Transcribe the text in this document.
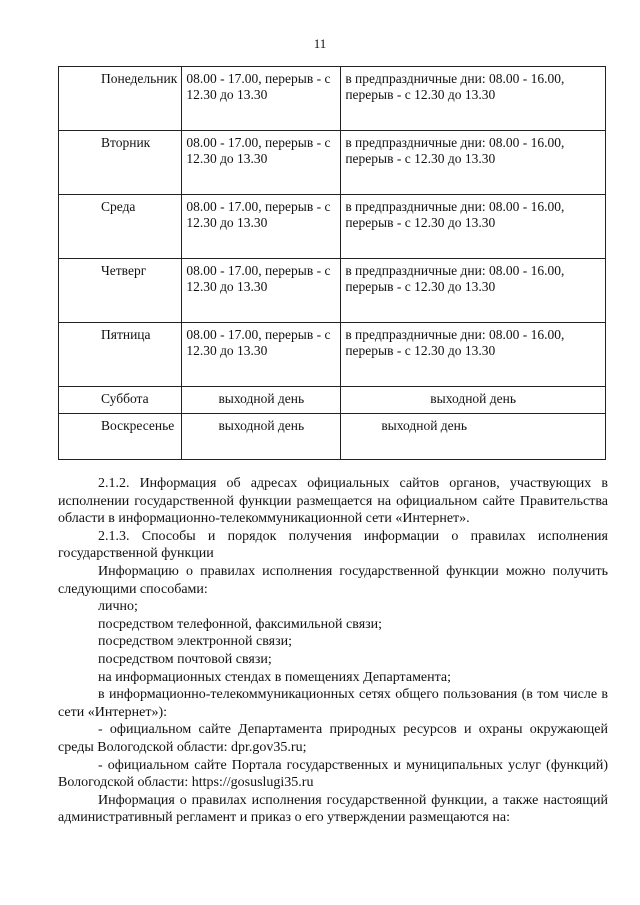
11
Понедельник	08.00 - 17.00, перерыв - с 12.30 до 13.30	в предпраздничные дни: 08.00 - 16.00, перерыв - с 12.30 до 13.30

Вторник	08.00 - 17.00, перерыв - с 12.30 до 13.30	в предпраздничные дни: 08.00 - 16.00, перерыв - с 12.30 до 13.30

Среда	08.00 - 17.00, перерыв - с 12.30 до 13.30	в предпраздничные дни: 08.00 - 16.00, перерыв - с 12.30 до 13.30

Четверг	08.00 - 17.00, перерыв - с 12.30 до 13.30	в предпраздничные дни: 08.00 - 16.00, перерыв - с 12.30 до 13.30

Пятница	08.00 - 17.00, перерыв - с 12.30 до 13.30	в предпраздничные дни: 08.00 - 16.00, перерыв - с 12.30 до 13.30

Суббота	выходной день	выходной день

Воскресенье	выходной день	выходной день

2.1.2. Информация об адресах официальных сайтов органов, участвующих в исполнении государственной функции размещается на официальном сайте Правительства области в информационно-телекоммуникационной сети «Интернет».

2.1.3. Способы и порядок получения информации о правилах исполнения государственной функции

Информацию о правилах исполнения государственной функции можно получить следующими способами:

лично;

посредством телефонной, факсимильной связи;

посредством электронной связи;

посредством почтовой связи;

на информационных стендах в помещениях Департамента;

в информационно-телекоммуникационных сетях общего пользования (в том числе в сети «Интернет»):

- официальном сайте Департамента природных ресурсов и охраны окружающей среды Вологодской области: dpr.gov35.ru;

- официальном сайте Портала государственных и муниципальных услуг (функций) Вологодской области: https://gosuslugi35.ru

Информация о правилах исполнения государственной функции, а также настоящий административный регламент и приказ о его утверждении размещаются на:
